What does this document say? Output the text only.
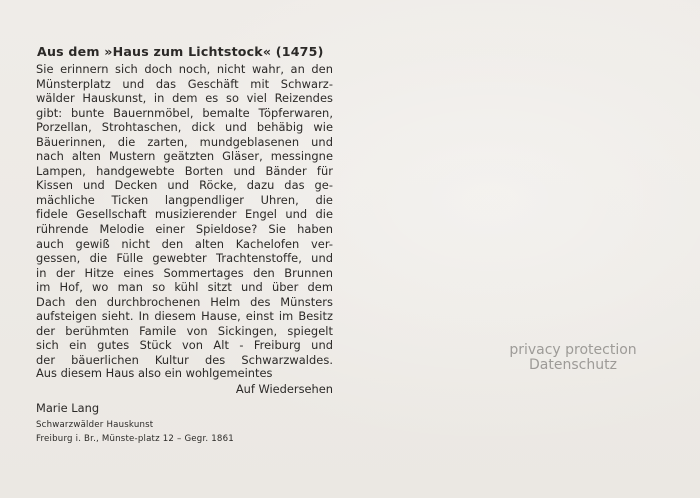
Aus dem »Haus zum Lichtstock« (1475)
Sie erinnern sich doch noch, nicht wahr, an den
Münsterplatz und das Geschäft mit Schwarz-
wälder Hauskunst, in dem es so viel Reizendes
gibt: bunte Bauernmöbel, bemalte Töpferwaren,
Porzellan, Strohtaschen, dick und behäbig wie
Bäuerinnen, die zarten, mundgeblasenen und
nach alten Mustern geätzten Gläser, messingne
Lampen, handgewebte Borten und Bänder für
Kissen und Decken und Röcke, dazu das ge-
mächliche Ticken langpendliger Uhren, die
fidele Gesellschaft musizierender Engel und die
rührende Melodie einer Spieldose? Sie haben
auch gewiß nicht den alten Kachelofen ver-
gessen, die Fülle gewebter Trachtenstoffe, und
in der Hitze eines Sommertages den Brunnen
im Hof, wo man so kühl sitzt und über dem
Dach den durchbrochenen Helm des Münsters
aufsteigen sieht. In diesem Hause, einst im Besitz
der berühmten Famile von Sickingen, spiegelt
sich ein gutes Stück von Alt - Freiburg und
der bäuerlichen Kultur des Schwarzwaldes.
Aus diesem Haus also ein wohlgemeintes
Auf Wiedersehen

Marie Lang

Schwarzwälder Hauskunst

Freiburg i. Br., Münste-platz 12 – Gegr. 1861

privacy protection
Datenschutz
